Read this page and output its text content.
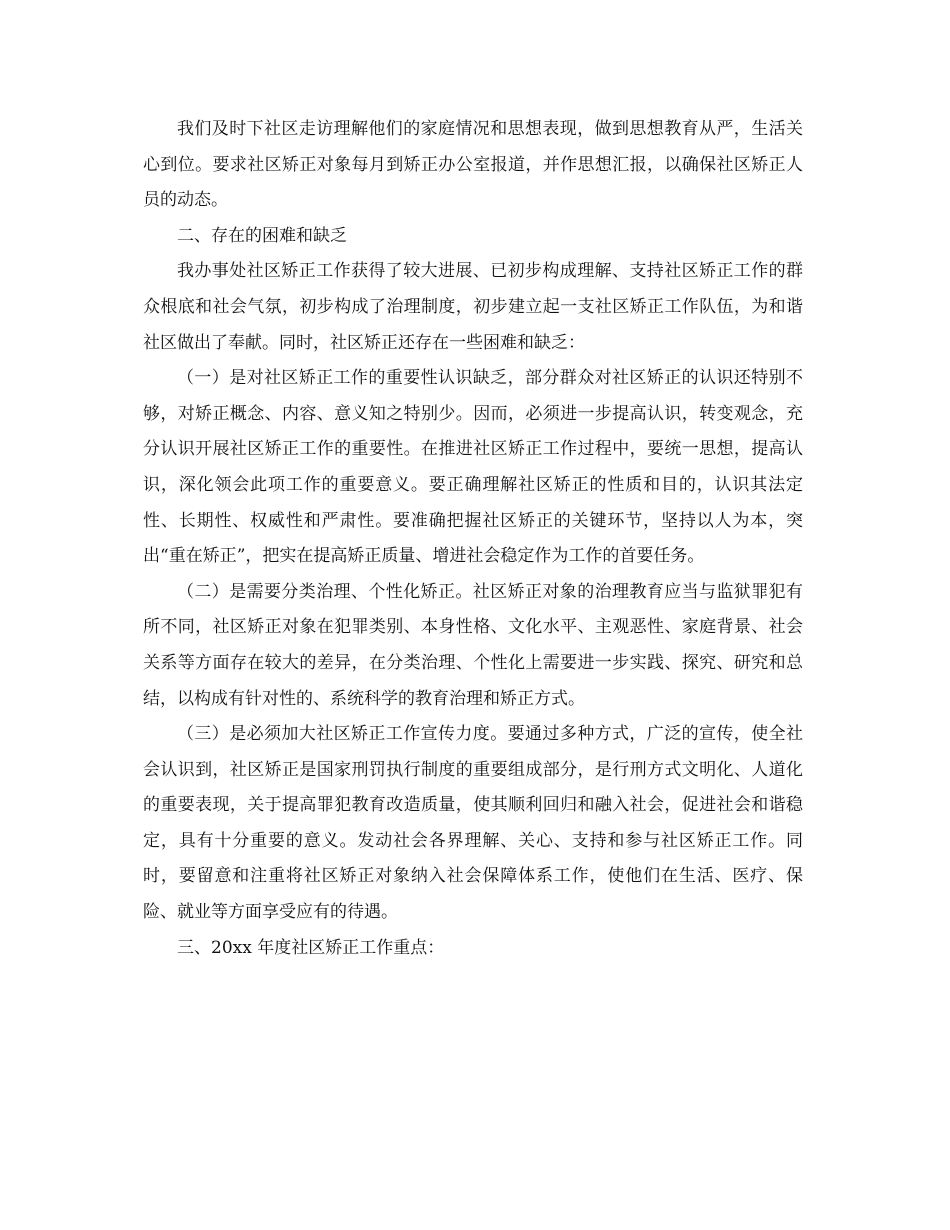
我们及时下社区走访理解他们的家庭情况和思想表现，做到思想教育从严，生活关心到位。要求社区矫正对象每月到矫正办公室报道，并作思想汇报，以确保社区矫正人员的动态。

二、存在的困难和缺乏

我办事处社区矫正工作获得了较大进展、已初步构成理解、支持社区矫正工作的群众根底和社会气氛，初步构成了治理制度，初步建立起一支社区矫正工作队伍，为和谐社区做出了奉献。同时，社区矫正还存在一些困难和缺乏：

（一）是对社区矫正工作的重要性认识缺乏，部分群众对社区矫正的认识还特别不够，对矫正概念、内容、意义知之特别少。因而，必须进一步提高认识，转变观念，充分认识开展社区矫正工作的重要性。在推进社区矫正工作过程中，要统一思想，提高认识，深化领会此项工作的重要意义。要正确理解社区矫正的性质和目的，认识其法定性、长期性、权威性和严肃性。要准确把握社区矫正的关键环节，坚持以人为本，突出“重在矫正”，把实在提高矫正质量、增进社会稳定作为工作的首要任务。

（二）是需要分类治理、个性化矫正。社区矫正对象的治理教育应当与监狱罪犯有所不同，社区矫正对象在犯罪类别、本身性格、文化水平、主观恶性、家庭背景、社会关系等方面存在较大的差异，在分类治理、个性化上需要进一步实践、探究、研究和总结，以构成有针对性的、系统科学的教育治理和矫正方式。

（三）是必须加大社区矫正工作宣传力度。要通过多种方式，广泛的宣传，使全社会认识到，社区矫正是国家刑罚执行制度的重要组成部分，是行刑方式文明化、人道化的重要表现，关于提高罪犯教育改造质量，使其顺利回归和融入社会，促进社会和谐稳定，具有十分重要的意义。发动社会各界理解、关心、支持和参与社区矫正工作。同时，要留意和注重将社区矫正对象纳入社会保障体系工作，使他们在生活、医疗、保险、就业等方面享受应有的待遇。

三、20xx 年度社区矫正工作重点：
